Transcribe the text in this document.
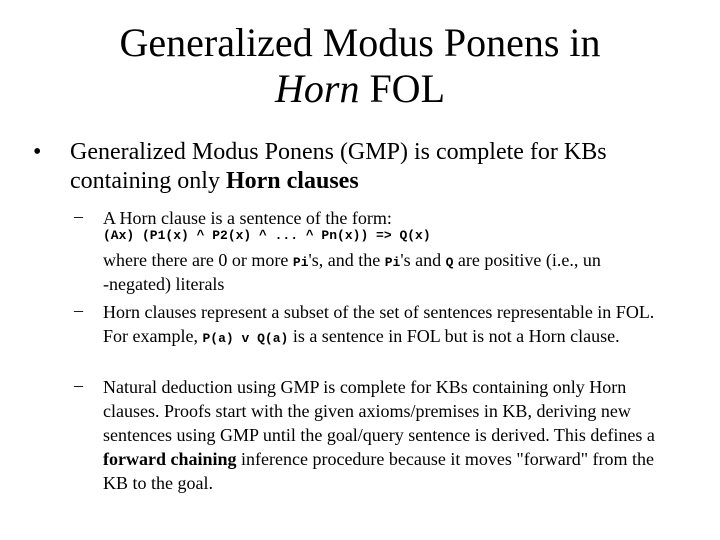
Generalized Modus Ponens in
Horn FOL
• Generalized Modus Ponens (GMP) is complete for KBs containing only Horn clauses
– A Horn clause is a sentence of the form:
(Ax) (P1(x) ^ P2(x) ^ ... ^ Pn(x)) => Q(x)
where there are 0 or more Pi's, and the Pi's and Q are positive (i.e., un
-negated) literals
– Horn clauses represent a subset of the set of sentences representable in FOL. For example, P(a) v Q(a) is a sentence in FOL but is not a Horn clause.
– Natural deduction using GMP is complete for KBs containing only Horn clauses. Proofs start with the given axioms/premises in KB, deriving new sentences using GMP until the goal/query sentence is derived. This defines a forward chaining inference procedure because it moves "forward" from the KB to the goal.
